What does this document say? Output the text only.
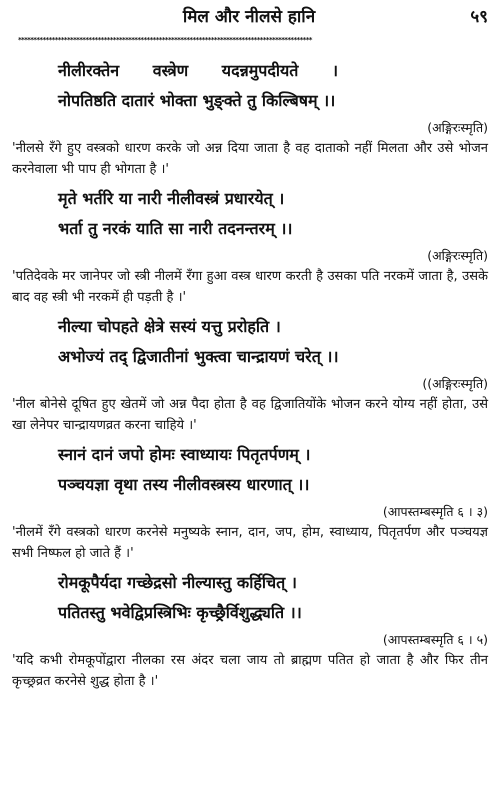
मिल और नीलसे हानि	५९
************************************************************************************************
नीलीरक्तेन वस्त्रेण यदन्नमुपदीयते ।
नोपतिष्ठति दातारं भोक्ता भुङ्क्ते तु किल्बिषम् ।।
(अङ्गिरःस्मृति)
'नीलसे रँगे हुए वस्त्रको धारण करके जो अन्न दिया जाता है वह दाताको नहीं मिलता और उसे भोजन करनेवाला भी पाप ही भोगता है ।'
मृते भर्तरि या नारी नीलीवस्त्रं प्रधारयेत् ।
भर्ता तु नरकं याति सा नारी तदनन्तरम् ।।
(अङ्गिरःस्मृति)
'पतिदेवके मर जानेपर जो स्त्री नीलमें रँगा हुआ वस्त्र धारण करती है उसका पति नरकमें जाता है, उसके बाद वह स्त्री भी नरकमें ही पड़ती है ।'
नील्या चोपहते क्षेत्रे सस्यं यत्तु प्ररोहति ।
अभोज्यं तद् द्विजातीनां भुक्त्वा चान्द्रायणं चरेत् ।।
((अङ्गिरःस्मृति)
'नील बोनेसे दूषित हुए खेतमें जो अन्न पैदा होता है वह द्विजातियोंके भोजन करने योग्य नहीं होता, उसे खा लेनेपर चान्द्रायणव्रत करना चाहिये ।'
स्नानं दानं जपो होमः स्वाध्यायः पितृतर्पणम् ।
पञ्चयज्ञा वृथा तस्य नीलीवस्त्रस्य धारणात् ।।
(आपस्तम्बस्मृति ६ । ३)
'नीलमें रँगे वस्त्रको धारण करनेसे मनुष्यके स्नान, दान, जप, होम, स्वाध्याय, पितृतर्पण और पञ्चयज्ञ सभी निष्फल हो जाते हैं ।'
रोमकूपैर्यदा गच्छेद्रसो नील्यास्तु कर्हिचित् ।
पतितस्तु भवेद्विप्रस्त्रिभिः कृच्छ्रैर्विशुद्ध्यति ।।
(आपस्तम्बस्मृति ६ । ५)
'यदि कभी रोमकूपोंद्वारा नीलका रस अंदर चला जाय तो ब्राह्मण पतित हो जाता है और फिर तीन कृच्छ्रव्रत करनेसे शुद्ध होता है ।'
